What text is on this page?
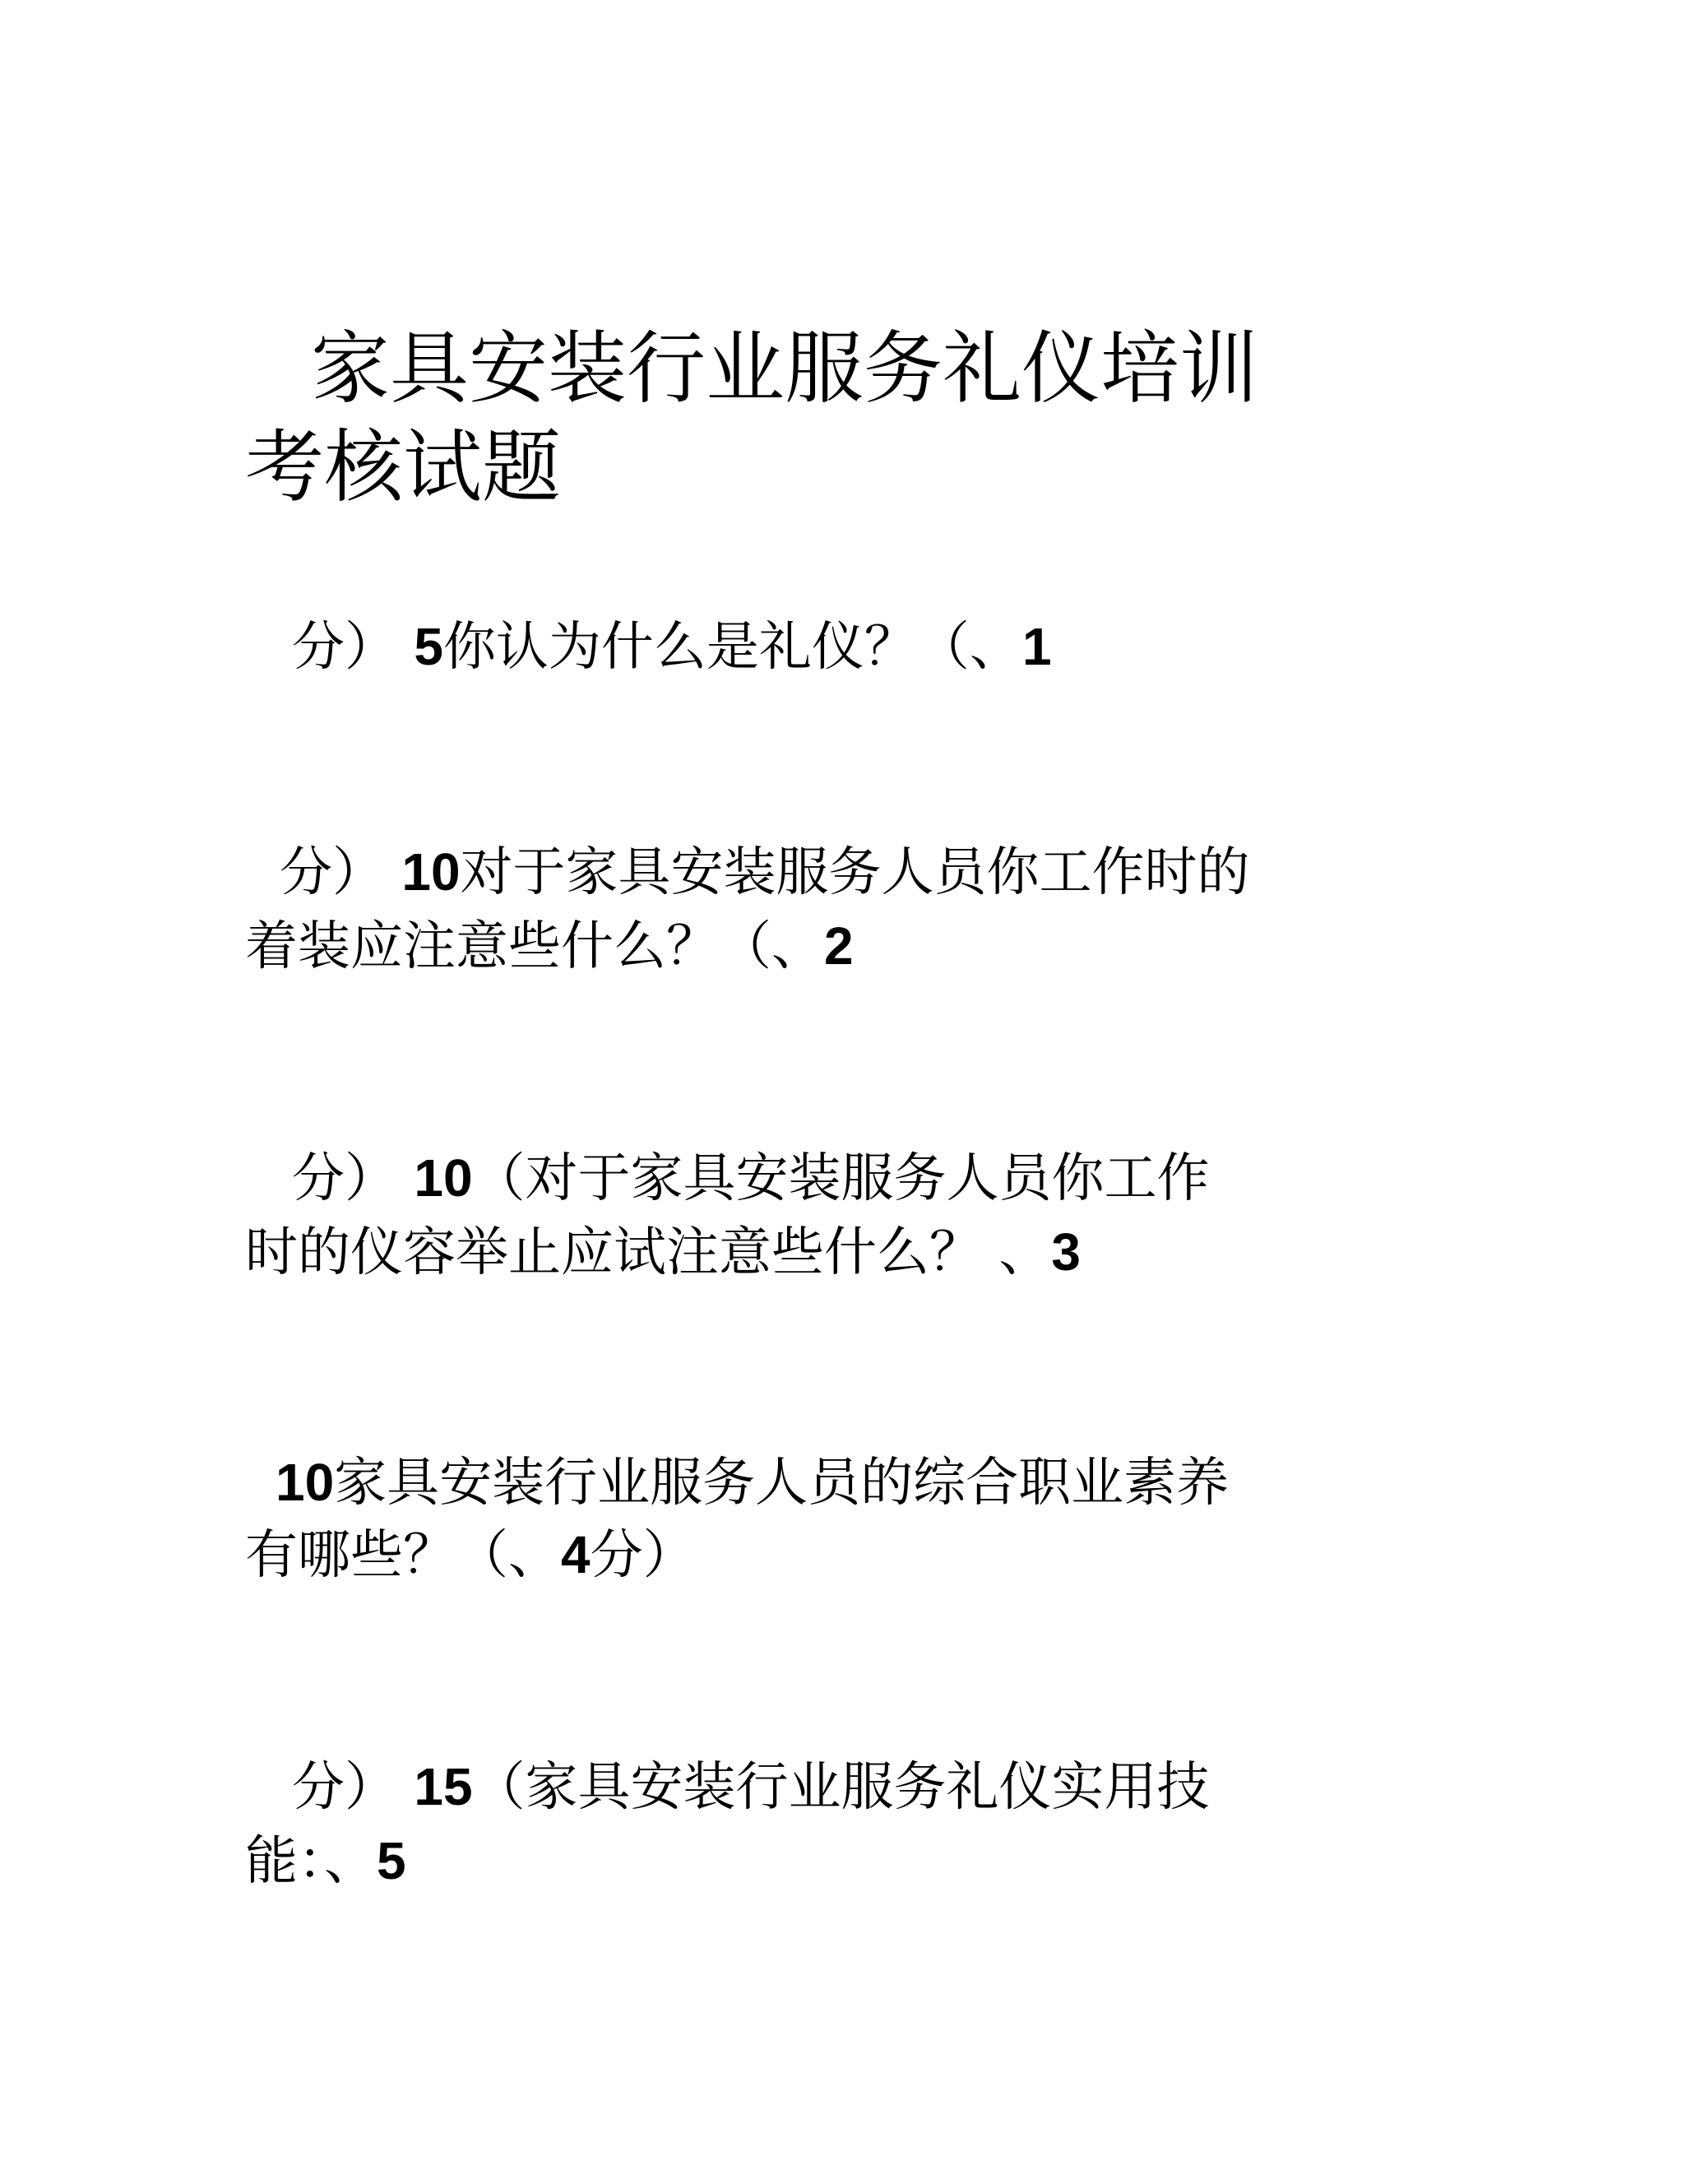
家具安装行业服务礼仪培训
考核试题
分） 5你认为什么是礼仪？（、1
分） 10对于家具安装服务人员你工作时的
着装应注意些什么？（、2
分） 10（对于家具安装服务人员你工作
时的仪容举止应试注意些什么？ 、3
10家具安装行业服务人员的综合职业素养
有哪些？（、4分）
分） 15（家具安装行业服务礼仪实用技
能：、5
